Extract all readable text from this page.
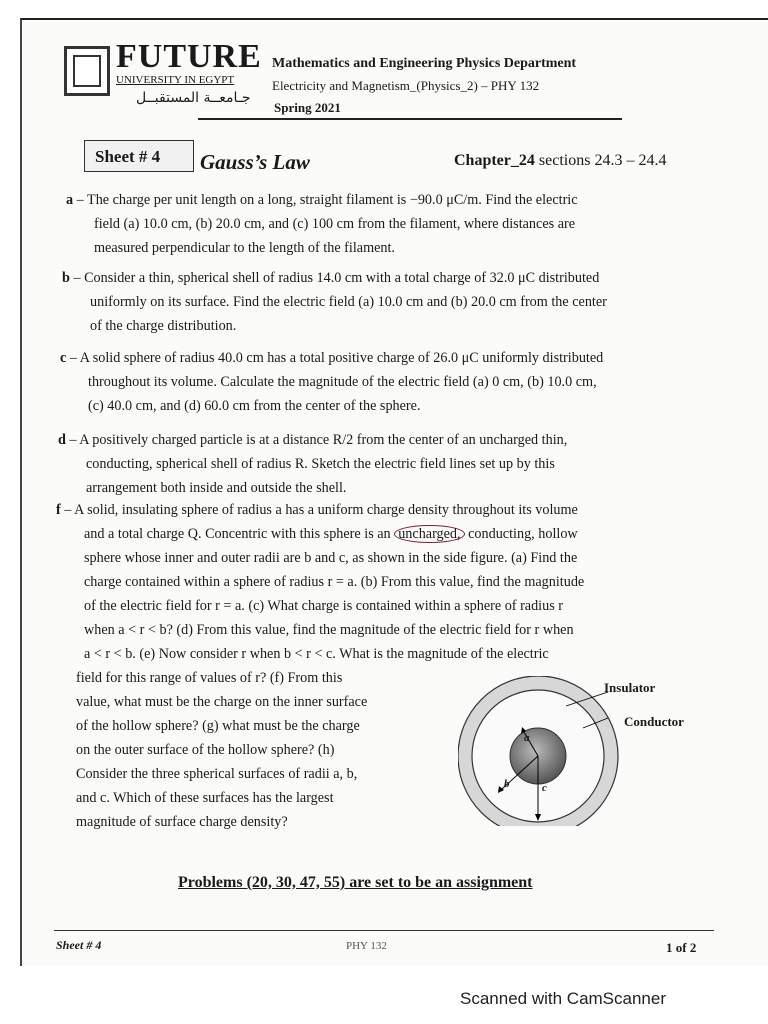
FUTURE
UNIVERSITY IN EGYPT
جـامعــة المستقبــل
Mathematics and Engineering Physics Department
Electricity and Magnetism_(Physics_2) – PHY 132
Spring 2021
Sheet # 4 Gauss’s Law	Chapter_24 sections 24.3 – 24.4
a – The charge per unit length on a long, straight filament is −90.0 μC/m. Find the electric
field (a) 10.0 cm, (b) 20.0 cm, and (c) 100 cm from the filament, where distances are
measured perpendicular to the length of the filament.
b – Consider a thin, spherical shell of radius 14.0 cm with a total charge of 32.0 μC distributed
uniformly on its surface. Find the electric field (a) 10.0 cm and (b) 20.0 cm from the center
of the charge distribution.
c – A solid sphere of radius 40.0 cm has a total positive charge of 26.0 μC uniformly distributed
throughout its volume. Calculate the magnitude of the electric field (a) 0 cm, (b) 10.0 cm,
(c) 40.0 cm, and (d) 60.0 cm from the center of the sphere.
d – A positively charged particle is at a distance R/2 from the center of an uncharged thin,
conducting, spherical shell of radius R. Sketch the electric field lines set up by this
arrangement both inside and outside the shell.
f – A solid, insulating sphere of radius a has a uniform charge density throughout its volume
and a total charge Q. Concentric with this sphere is an uncharged, conducting, hollow
sphere whose inner and outer radii are b and c, as shown in the side figure. (a) Find the
charge contained within a sphere of radius r = a. (b) From this value, find the magnitude
of the electric field for r = a. (c) What charge is contained within a sphere of radius r
when a < r < b? (d) From this value, find the magnitude of the electric field for r when
a < r < b. (e) Now consider r when b < r < c. What is the magnitude of the electric
field for this range of values of r? (f) From this
value, what must be the charge on the inner surface
of the hollow sphere? (g) what must be the charge
on the outer surface of the hollow sphere? (h)
Consider the three spherical surfaces of radii a, b,
and c. Which of these surfaces has the largest
magnitude of surface charge density?
Insulator
Conductor
a
b	c
Problems (20, 30, 47, 55) are set to be an assignment
Sheet # 4	PHY 132	1 of 2
Scanned with CamScanner
